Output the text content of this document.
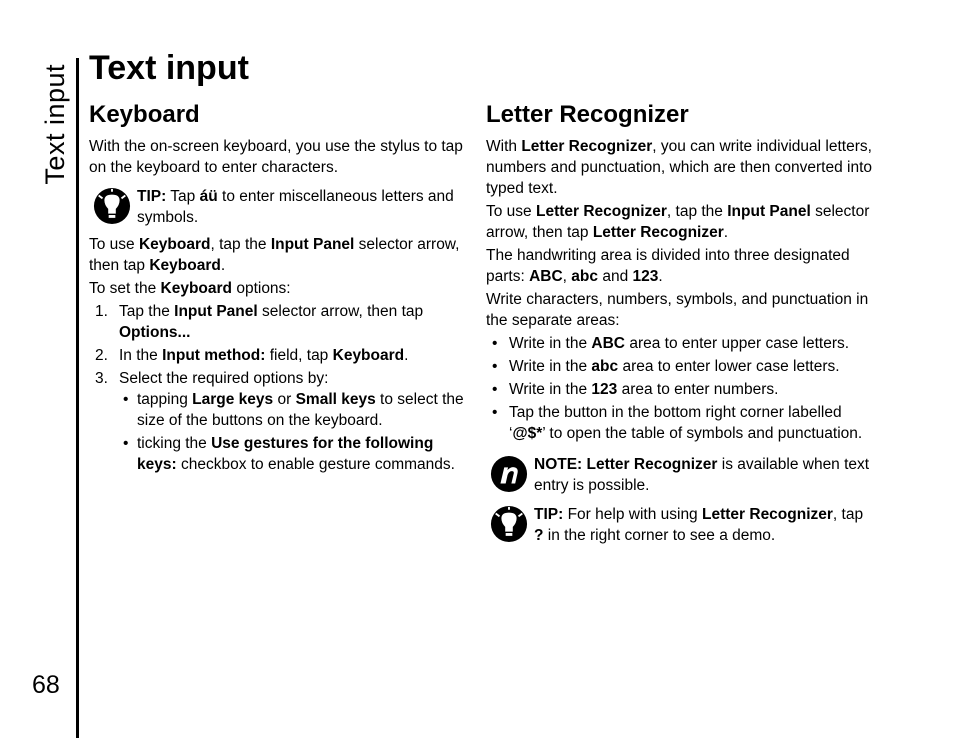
Text input
68
Text input
Keyboard

With the on-screen keyboard, you use the stylus to tap on the keyboard to enter characters.

TIP: Tap áü to enter miscellaneous letters and symbols.

To use Keyboard, tap the Input Panel selector arrow, then tap Keyboard.

To set the Keyboard options:

1. Tap the Input Panel selector arrow, then tap Options...
2. In the Input method: field, tap Keyboard.
3. Select the required options by:
• tapping Large keys or Small keys to select the size of the buttons on the keyboard.
• ticking the Use gestures for the following keys: checkbox to enable gesture commands.
Letter Recognizer

With Letter Recognizer, you can write individual letters, numbers and punctuation, which are then converted into typed text.

To use Letter Recognizer, tap the Input Panel selector arrow, then tap Letter Recognizer.

The handwriting area is divided into three designated parts: ABC, abc and 123.

Write characters, numbers, symbols, and punctuation in the separate areas:

• Write in the ABC area to enter upper case letters.
• Write in the abc area to enter lower case letters.
• Write in the 123 area to enter numbers.
• Tap the button in the bottom right corner labelled ‘@$*’ to open the table of symbols and punctuation.
NOTE: Letter Recognizer is available when text entry is possible.
TIP: For help with using Letter Recognizer, tap ? in the right corner to see a demo.
